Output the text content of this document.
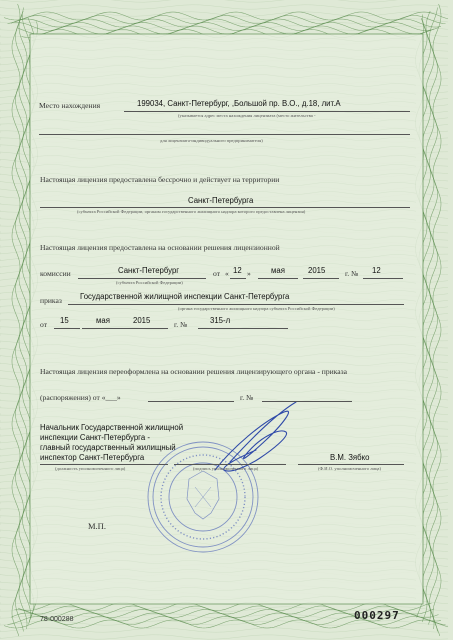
Место нахождения	199034, Санкт-Петербург, ,Большой пр. В.О., д.18, лит.А
(указывается адрес места нахождения лицензиата (место жительства -
для лицензиата-индивидуального предпринимателя)
Настоящая лицензия предоставлена бессрочно и действует на территории
Санкт-Петербурга
(субъекта Российской Федерации, органом государственного жилищного надзора которого предоставлена лицензия)
Настоящая лицензия предоставлена на основании решения лицензионной
комиссии	Санкт-Петербург
(субъекта Российской Федерации)
от « 12 »	мая	2015	г. № 12
приказ Государственной жилищной инспекции Санкт-Петербурга
(органа государственного жилищного надзора субъекта Российской Федерации)
от 15	мая	2015	г. №	315-л
Настоящая лицензия переоформлена на основании решения лицензирующего органа - приказа
(распоряжения) от «___»	г. №
Начальник Государственной жилищной
инспекции Санкт-Петербурга -
главный государственный жилищный
инспектор Санкт-Петербурга
(должность уполномоченного лица)	(подпись уполномоченного лица)
В.М. Зябко
(Ф.И.О. уполномоченного лица)
М.П.
78-000288	000297
